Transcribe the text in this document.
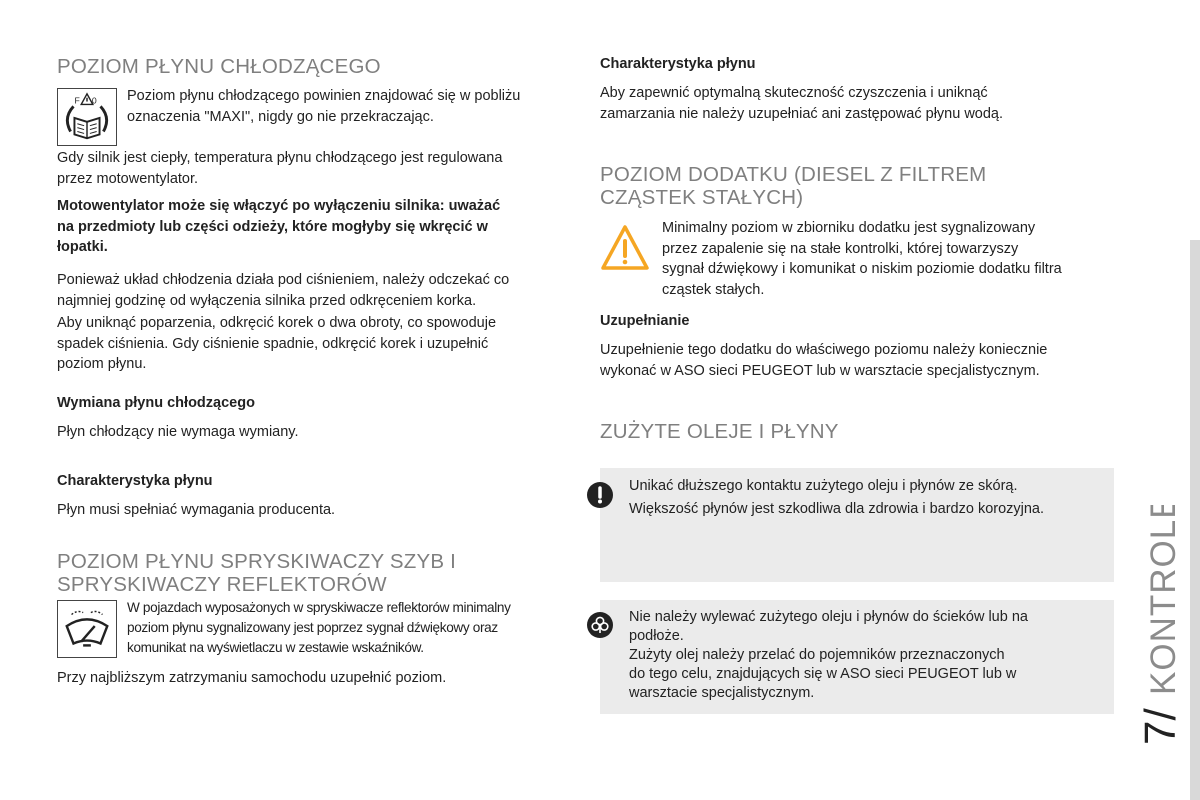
POZIOM PŁYNU CHŁODZĄCEGO
F 0 Poziom płynu chłodzącego powinien znajdować się w pobliżu

oznaczenia "MAXI", nigdy go nie przekraczając.

Gdy silnik jest ciepły, temperatura płynu chłodzącego jest regulowana

przez motowentylator.

Motowentylator może się włączyć po wyłączeniu silnika: uważać

na przedmioty lub części odzieży, które mogłyby się wkręcić w

łopatki.

Ponieważ układ chłodzenia działa pod ciśnieniem, należy odczekać co

najmniej godzinę od wyłączenia silnika przed odkręceniem korka.

Aby uniknąć poparzenia, odkręcić korek o dwa obroty, co spowoduje

spadek ciśnienia. Gdy ciśnienie spadnie, odkręcić korek i uzupełnić

poziom płynu.

Wymiana płynu chłodzącego

Płyn chłodzący nie wymaga wymiany.

Charakterystyka płynu

Płyn musi spełniać wymagania producenta.

POZIOM PŁYNU SPRYSKIWACZY SZYB I
SPRYSKIWACZY REFLEKTORÓW

W pojazdach wyposażonych w spryskiwacze reflektorów minimalny

poziom płynu sygnalizowany jest poprzez sygnał dźwiękowy oraz

komunikat na wyświetlaczu w zestawie wskaźników.

Przy najbliższym zatrzymaniu samochodu uzupełnić poziom.

Charakterystyka płynu

Aby zapewnić optymalną skuteczność czyszczenia i uniknąć

zamarzania nie należy uzupełniać ani zastępować płynu wodą.

POZIOM DODATKU (DIESEL Z FILTREM
CZĄSTEK STAŁYCH)

Minimalny poziom w zbiorniku dodatku jest sygnalizowany

przez zapalenie się na stałe kontrolki, której towarzyszy

sygnał dźwiękowy i komunikat o niskim poziomie dodatku filtra

cząstek stałych.

Uzupełnianie

Uzupełnienie tego dodatku do właściwego poziomu należy koniecznie

wykonać w ASO sieci PEUGEOT lub w warsztacie specjalistycznym.

ZUŻYTE OLEJE I PŁYNY

Unikać dłuższego kontaktu zużytego oleju i płynów ze skórą.

Większość płynów jest szkodliwa dla zdrowia i bardzo korozyjna.

Nie należy wylewać zużytego oleju i płynów do ścieków lub na

podłoże.

Zużyty olej należy przelać do pojemników przeznaczonych

do tego celu, znajdujących się w ASO sieci PEUGEOT lub w

warsztacie specjalistycznym.	KONTROLE
7/
